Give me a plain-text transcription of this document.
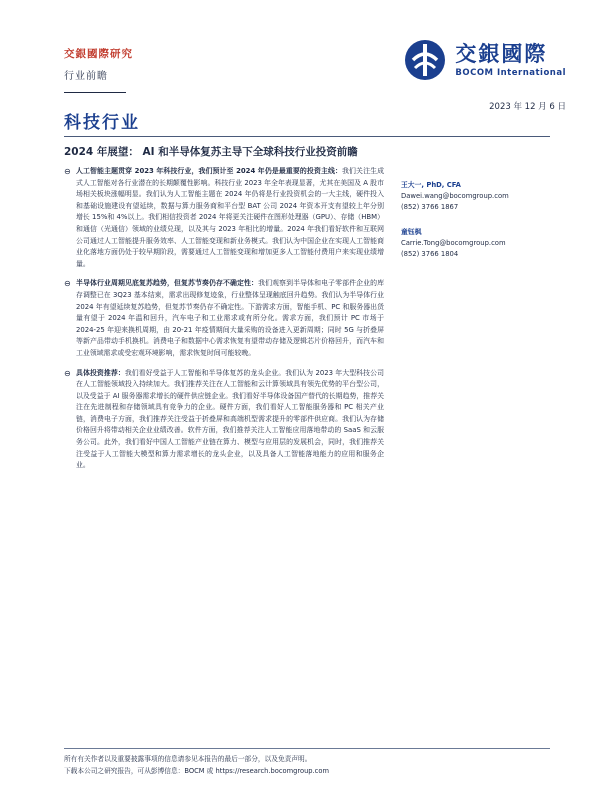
交銀國際研究
行业前瞻
交銀國際
BOCOM International
2023 年 12 月 6 日
科技行业
2024 年展望： AI 和半导体复苏主导下全球科技行业投资前瞻
⊖ 人工智能主题贯穿 2023 年科技行业，我们预计至 2024 年仍是最重要的投资主线：我们关注生成式人工智能对各行业潜在的长期颠覆性影响。科技行业 2023 年全年表现显著，尤其在美国及 A 股市场相关板块涨幅明显。我们认为人工智能主题在 2024 年仍将是行业投资机会的一大主线，硬件投入和基础设施建设有望延续，数据与算力服务商和平台型 BAT 公司 2024 年资本开支有望较上年分别增长 15%和 4%以上。我们相信投资者 2024 年将更关注硬件在图形处理器（GPU）、存储（HBM）和通信（光通信）领域的业绩兑现，以及其与 2023 年相比的增量。2024 年我们看好软件和互联网公司通过人工智能提升服务效率、人工智能变现和新业务模式。我们认为中国企业在实现人工智能商业化落地方面仍处于较早期阶段，需要通过人工智能变现和增加更多人工智能付费用户来实现业绩增量。
⊖ 半导体行业周期见底复苏趋势，但复苏节奏仍存不确定性：我们观察到半导体和电子零部件企业的库存调整已在 3Q23 基本结束，需求出现修复迹象，行业整体呈现触底回升趋势。我们认为半导体行业 2024 年有望延续复苏趋势，但复苏节奏仍存不确定性。下游需求方面，智能手机、PC 和服务器出货量有望于 2024 年温和回升，汽车电子和工业需求或有所分化。需求方面，我们预计 PC 市场于 2024-25 年迎来换机周期，由 20-21 年疫情期间大量采购的设备进入更新周期；同时 5G 与折叠屏等新产品带动手机换机。消费电子和数据中心需求恢复有望带动存储及逻辑芯片价格回升，而汽车和工业领域需求或受宏观环境影响，需求恢复时间可能较晚。
⊖ 具体投资推荐：我们看好受益于人工智能和半导体复苏的龙头企业。我们认为 2023 年大型科技公司在人工智能领域投入持续加大。我们推荐关注在人工智能和云计算领域具有领先优势的平台型公司，以及受益于 AI 服务器需求增长的硬件供应链企业。我们看好半导体设备国产替代的长期趋势，推荐关注在先进制程和存储领域具有竞争力的企业。硬件方面，我们看好人工智能服务器和 PC 相关产业链，消费电子方面，我们推荐关注受益于折叠屏和高端机型需求提升的零部件供应商。我们认为存储价格回升将带动相关企业业绩改善。软件方面，我们推荐关注人工智能应用落地带动的 SaaS 和云服务公司。此外，我们看好中国人工智能产业链在算力、模型与应用层的发展机会，同时，我们推荐关注受益于人工智能大模型和算力需求增长的龙头企业，以及具备人工智能落地能力的应用和服务企业。
王大一, PhD, CFA
Dawei.wang@bocomgroup.com
(852) 3766 1867
童钰枫
Carrie.Tong@bocomgroup.com
(852) 3766 1804
所有有关作者以及重要披露事项的信息请参见本报告的最后一部分，以及免责声明。
下载本公司之研究报告，可从彭博信息：BOCM 或 https://research.bocomgroup.com
